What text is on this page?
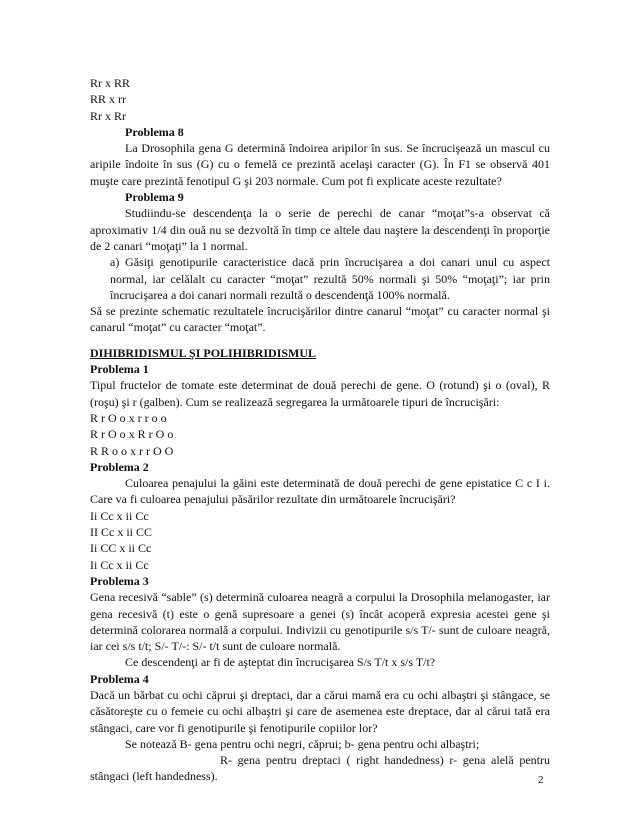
Rr x RR
RR x rr
Rr x Rr
Problema 8
La Drosophila gena G determină îndoirea aripilor în sus. Se încrucişează un mascul cu aripile îndoite în sus (G) cu o femelă ce prezintă acelaşi caracter (G). În F1 se observă 401 muşte care prezintă fenotipul G şi 203 normale. Cum pot fi explicate aceste rezultate?
Problema 9
Studiindu-se descendenţa la o serie de perechi de canar “moţat”s-a observat că aproximativ 1/4 din ouă nu se dezvoltă în timp ce altele dau naştere la descendenţi în proporţie de 2 canari “moţaţi” la 1 normal.
a) Găsiţi genotipurile caracteristice dacă prin încrucişarea a doi canari unul cu aspect normal, iar celălalt cu caracter “moţat” rezultă 50% normali şi 50% “moţaţi”; iar prin încrucişarea a doi canari normali rezultă o descendenţă 100% normală.
Să se prezinte schematic rezultatele încrucişărilor dintre canarul “moţat” cu caracter normal şi canarul “moţat” cu caracter “moţat”.
DIHIBRIDISMUL ŞI POLIHIBRIDISMUL
Problema 1
Tipul fructelor de tomate este determinat de două perechi de gene. O (rotund) şi o (oval), R (roşu) şi r (galben). Cum se realizează segregarea la următoarele tipuri de încrucişări:
R r O o x r r o o
R r O o x R r O o
R R o o x r r O O
Problema 2
Culoarea penajului la găini este determinată de două perechi de gene epistatice C c I i. Care va fi culoarea penajului păsărilor rezultate din următoarele încrucişări?
Ii Cc x ii Cc
II Cc x ii CC
Ii CC x ii Cc
Ii Cc x ii Cc
Problema 3
Gena recesivă “sable” (s) determină culoarea neagră a corpului la Drosophila melanogaster, iar gena recesivă (t) este o genă supresoare a genei (s) încât acoperă expresia acestei gene şi determină colorarea normală a corpului. Indivizii cu genotipurile s/s T/- sunt de culoare neagră, iar cei s/s t/t; S/- T/-: S/- t/t sunt de culoare normală.
Ce descendenţi ar fi de aşteptat din încrucişarea S/s T/t x s/s T/t?
Problema 4
Dacă un bărbat cu ochi căprui şi dreptaci, dar a cărui mamă era cu ochi albaştri şi stângace, se căsătoreşte cu o femeie cu ochi albaştri şi care de asemenea este dreptace, dar al cărui tată era stângaci, care vor fi genotipurile şi fenotipurile copiilor lor?
Se notează B- gena pentru ochi negri, căprui; b- gena pentru ochi albaştri;
R- gena pentru dreptaci ( right handedness) r- gena alelă pentru stângaci (left handedness).	2
